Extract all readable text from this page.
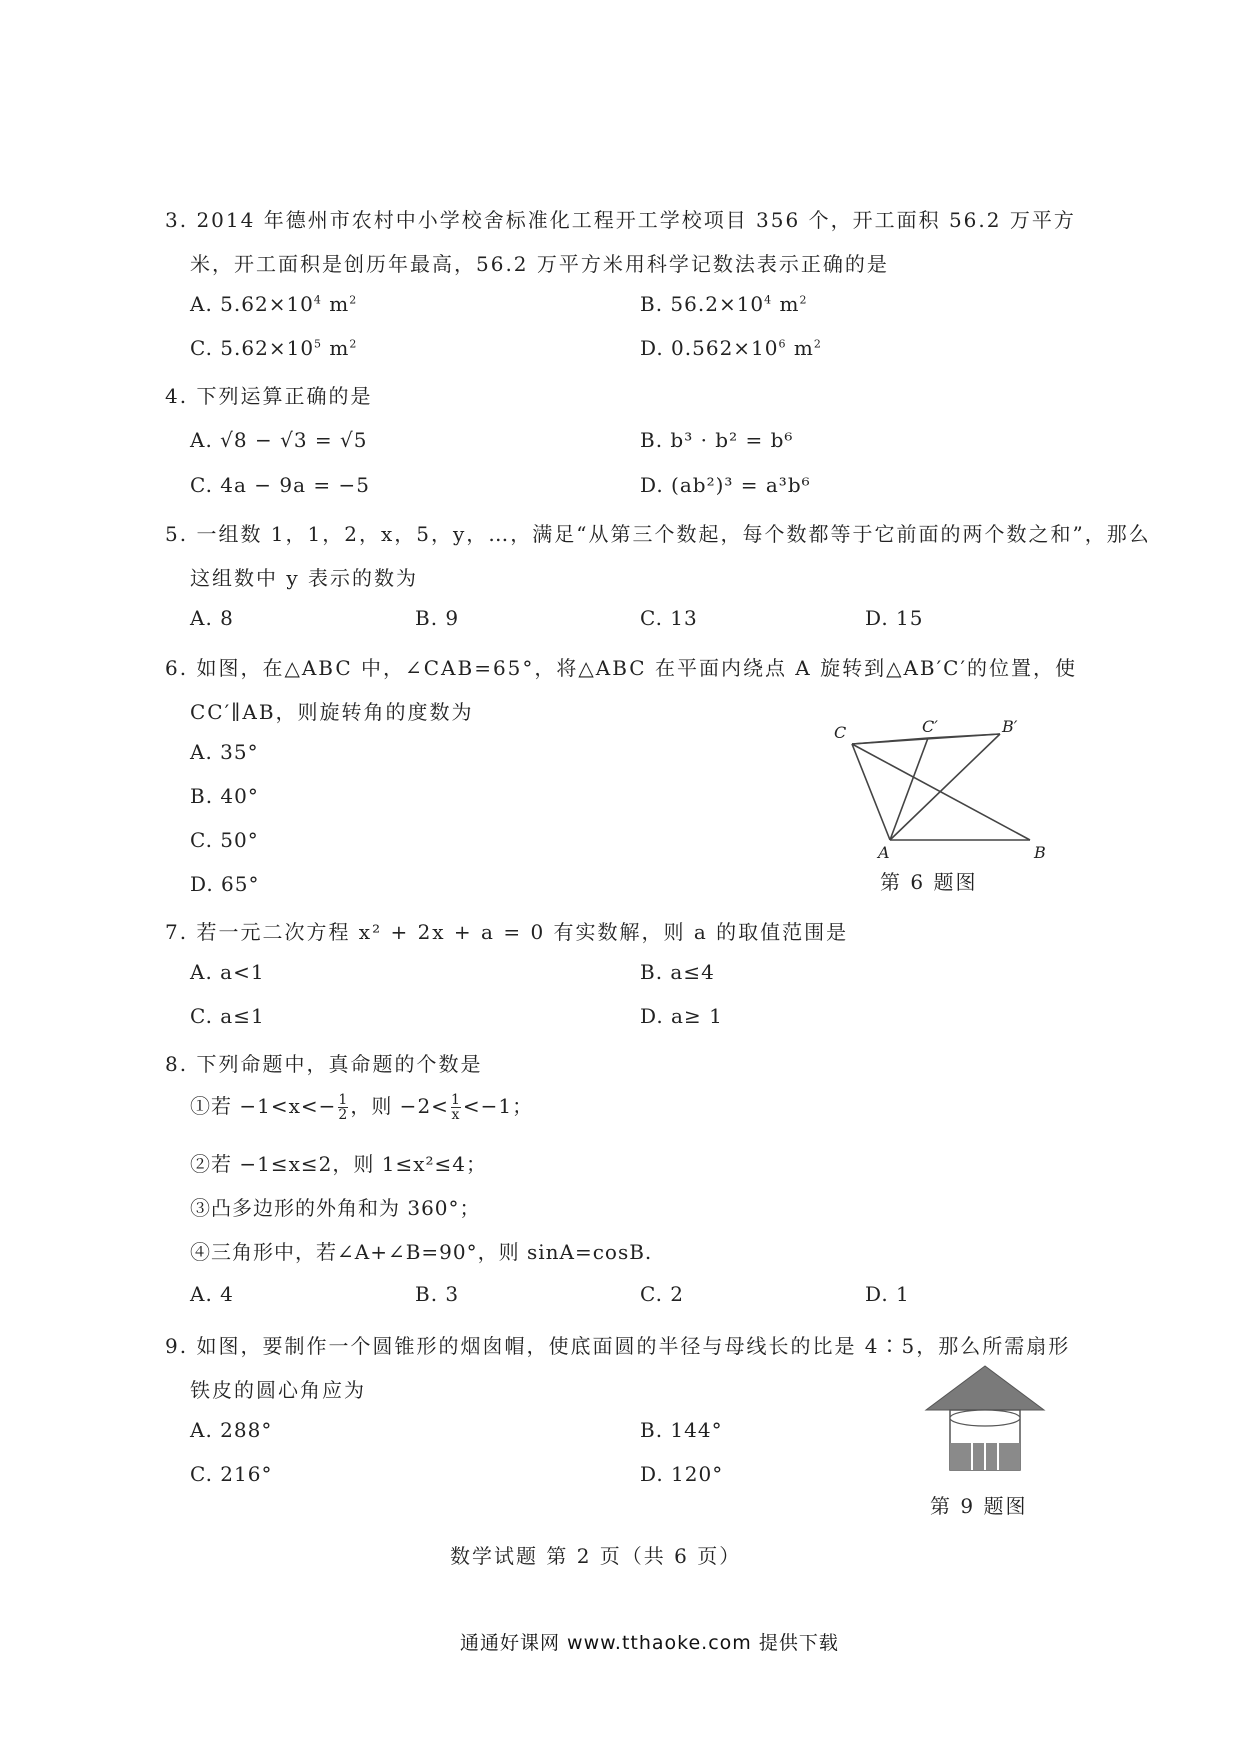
3. 2014 年德州市农村中小学校舍标准化工程开工学校项目 356 个，开工面积 56.2 万平方
米，开工面积是创历年最高，56.2 万平方米用科学记数法表示正确的是
A. $5.62\times 10^4$ $m^2$	B. $56.2\times 10^4$ $m^2$
C. $5.62\times 10^5$ $m^2$	D. $0.562\times 10^6$ $m^2$
4. 下列运算正确的是
A. √8 − √3 = √5	B. b³ · b² = b⁶
C. 4a − 9a = −5	D. (ab²)³ = a³b⁶
5. 一组数 1，1，2，x，5，y，…，满足“从第三个数起，每个数都等于它前面的两个数之和”，那么
这组数中 y 表示的数为
A. 8	B. 9	C. 13	D. 15
6. 如图，在△ABC 中，∠CAB=65°，将△ABC 在平面内绕点 A 旋转到△AB′C′的位置，使
CC′∥AB，则旋转角的度数为
A. 35°
B. 40°
C. 50°
D. 65°
C	C′	B′
A	B
第 6 题图
7. 若一元二次方程 x² + 2x + a = 0 有实数解，则 a 的取值范围是
A. a<1	B. a≤4
C. a≤1	D. a≥ 1
8. 下列命题中，真命题的个数是
①若 $-1<x<- \frac{1}{2}$ ，则 $-2< \frac{1}{x} <-1$；
②若 −1≤x≤2，则 1≤x²≤4；
③凸多边形的外角和为 360°；
④三角形中，若∠A+∠B=90°，则 sinA=cosB.
A. 4	B. 3	C. 2	D. 1
9. 如图，要制作一个圆锥形的烟囱帽，使底面圆的半径与母线长的比是 4∶5，那么所需扇形
铁皮的圆心角应为
A. 288°	B. 144°
C. 216°	D. 120°
第 9 题图
数学试题 第 2 页（共 6 页）
通通好课网 www.tthaoke.com 提供下载
